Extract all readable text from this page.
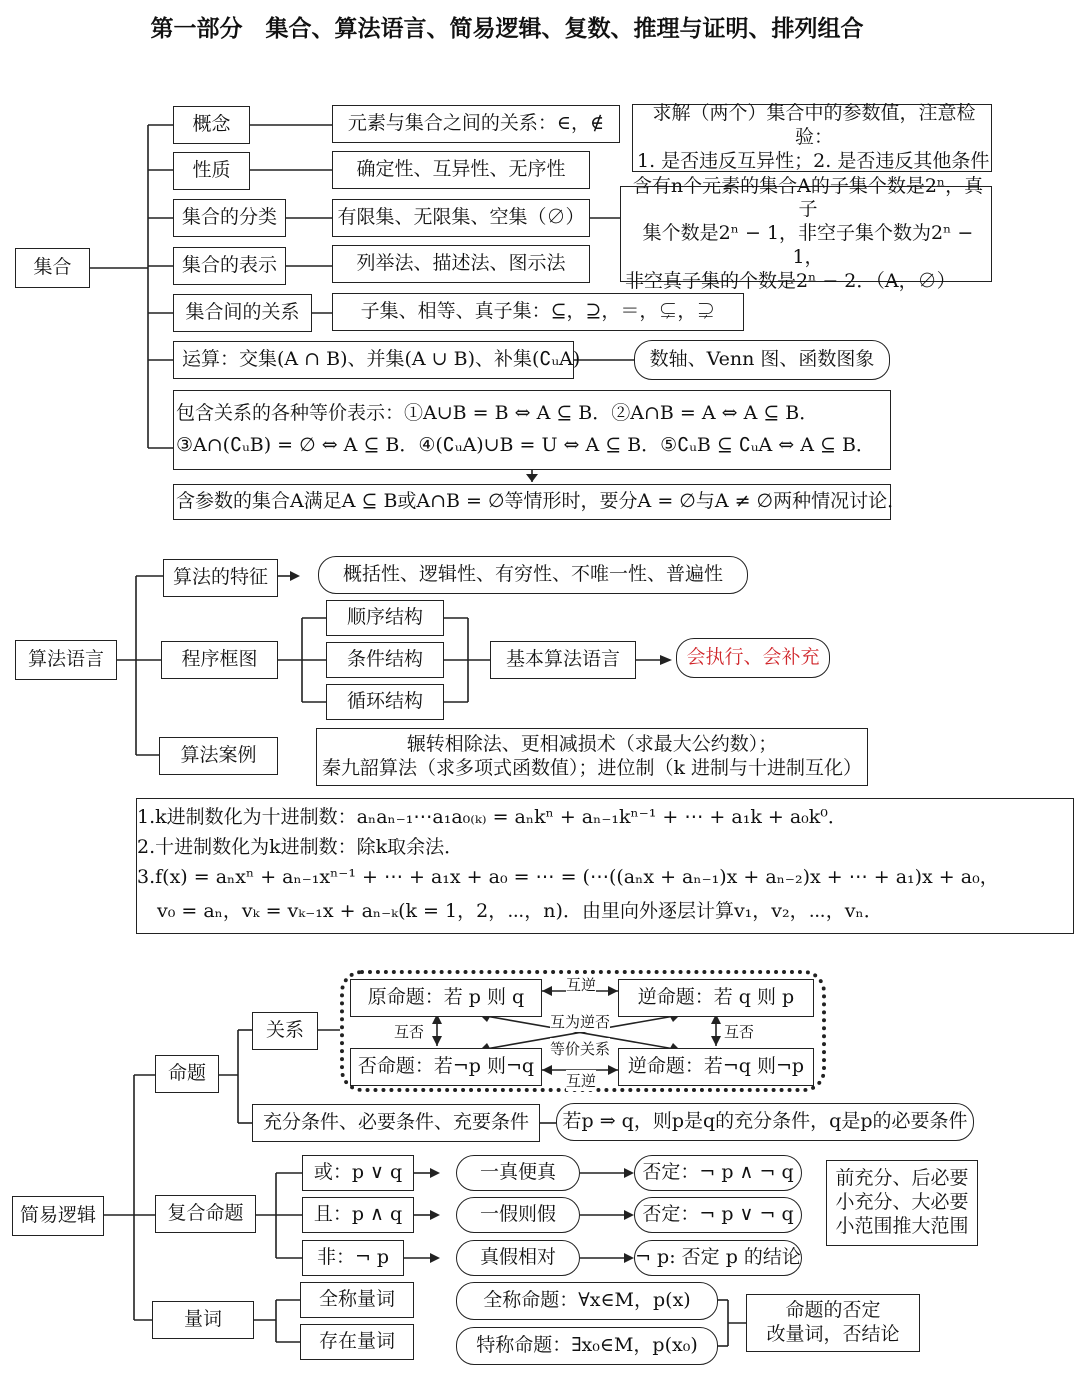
第一部分　集合、算法语言、简易逻辑、复数、推理与证明、排列组合
集合
概念	元素与集合之间的关系：∈，∉
性质	确定性、互异性、无序性
求解（两个）集合中的参数值，注意检验：
1. 是否违反互异性；2. 是否违反其他条件
集合的分类	有限集、无限集、空集（∅）
含有n个元素的集合A的子集个数是2ⁿ，真子
集个数是2ⁿ − 1，非空子集个数为2ⁿ − 1，
非空真子集的个数是2ⁿ − 2．（A，∅）
集合的表示	列举法、描述法、图示法
集合间的关系	子集、相等、真子集：⊆，⊇，＝，⊊，⊋
运算：交集(A ∩ B)、并集(A ∪ B)、补集(∁ᵤA)	数轴、Venn 图、函数图象
包含关系的各种等价表示：①A∪B = B ⇔ A ⊆ B．②A∩B = A ⇔ A ⊆ B．
③A∩(∁ᵤB) = ∅ ⇔ A ⊆ B．④(∁ᵤA)∪B = U ⇔ A ⊆ B．⑤∁ᵤB ⊆ ∁ᵤA ⇔ A ⊆ B．
含参数的集合A满足A ⊆ B或A∩B = ∅等情形时，要分A = ∅与A ≠ ∅两种情况讨论．
算法语言
算法的特征	概括性、逻辑性、有穷性、不唯一性、普遍性
程序框图
顺序结构
条件结构
循环结构
基本算法语言	会执行、会补充
算法案例	辗转相除法、更相减损术（求最大公约数）；
秦九韶算法（求多项式函数值）；进位制（k 进制与十进制互化）
1.k进制数化为十进制数：aₙaₙ₋₁⋯a₁a₀₍ₖ₎ = aₙkⁿ + aₙ₋₁kⁿ⁻¹ + ⋯ + a₁k + a₀k⁰．
2.十进制数化为k进制数：除k取余法．
3.f(x) = aₙxⁿ + aₙ₋₁xⁿ⁻¹ + ⋯ + a₁x + a₀ = ⋯ = (⋯((aₙx + aₙ₋₁)x + aₙ₋₂)x + ⋯ + a₁)x + a₀，
v₀ = aₙ，vₖ = vₖ₋₁x + aₙ₋ₖ(k = 1，2，⋯，n)．由里向外逐层计算v₁，v₂，⋯，vₙ．
简易逻辑
命题
关系
原命题：若 p 则 q	逆命题：若 q 则 p
否命题：若¬p 则¬q	逆命题：若¬q 则¬p
互逆
互逆
互否	互否
互为逆否
等价关系
充分条件、必要条件、充要条件	若p ⇒ q，则p是q的充分条件，q是p的必要条件
前充分、后必要
小充分、大必要
小范围推大范围
复合命题
或：p ∨ q	一真便真	否定：¬ p ∧ ¬ q
且：p ∧ q	一假则假	否定：¬ p ∨ ¬ q
非：¬ p	真假相对	¬ p: 否定 p 的结论
量词
全称量词	全称命题：∀x∈M，p(x)
存在量词	特称命题：∃x₀∈M，p(x₀)
命题的否定
改量词，否结论
